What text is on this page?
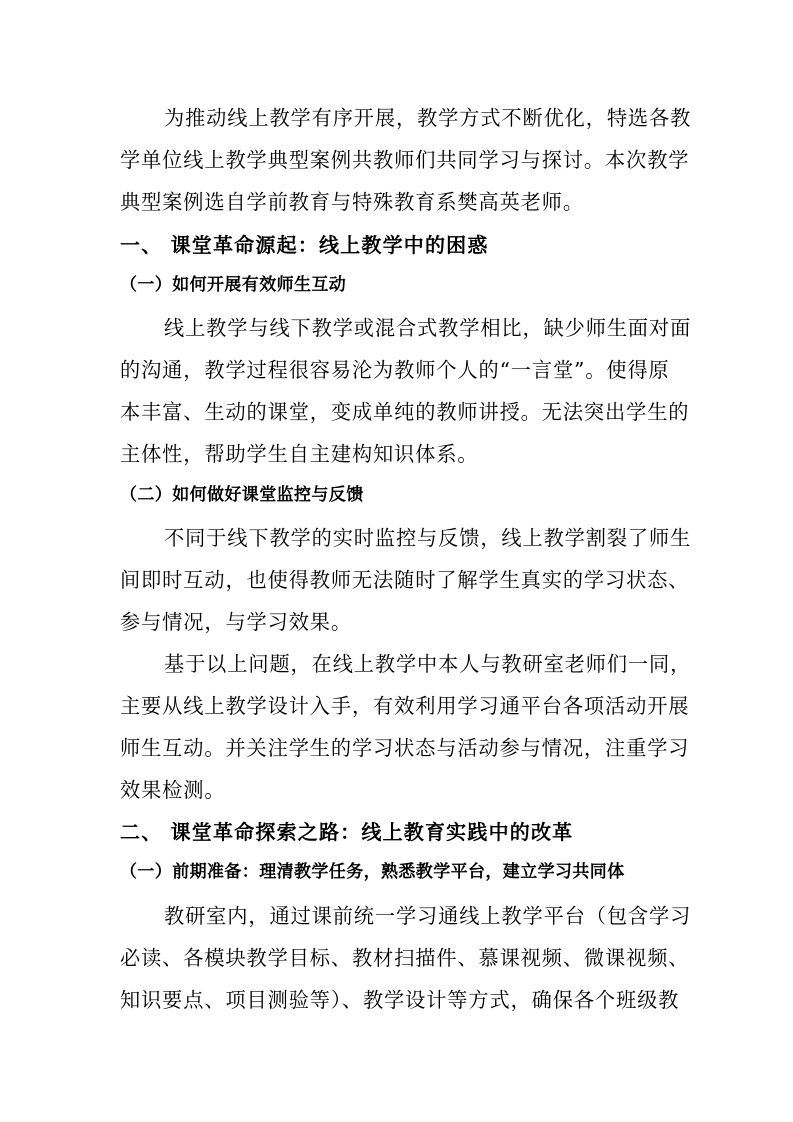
为推动线上教学有序开展，教学方式不断优化，特选各教

学单位线上教学典型案例共教师们共同学习与探讨。本次教学

典型案例选自学前教育与特殊教育系樊高英老师。

一、 课堂革命源起：线上教学中的困惑
（一）如何开展有效师生互动

线上教学与线下教学或混合式教学相比，缺少师生面对面

的沟通，教学过程很容易沦为教师个人的“一言堂”。使得原

本丰富、生动的课堂，变成单纯的教师讲授。无法突出学生的

主体性，帮助学生自主建构知识体系。

（二）如何做好课堂监控与反馈

不同于线下教学的实时监控与反馈，线上教学割裂了师生

间即时互动，也使得教师无法随时了解学生真实的学习状态、

参与情况，与学习效果。

基于以上问题，在线上教学中本人与教研室老师们一同，

主要从线上教学设计入手，有效利用学习通平台各项活动开展

师生互动。并关注学生的学习状态与活动参与情况，注重学习

效果检测。

二、 课堂革命探索之路：线上教育实践中的改革
（一）前期准备：理清教学任务，熟悉教学平台，建立学习共同体

教研室内，通过课前统一学习通线上教学平台（包含学习

必读、各模块教学目标、教材扫描件、慕课视频、微课视频、

知识要点、项目测验等）、教学设计等方式，确保各个班级教
